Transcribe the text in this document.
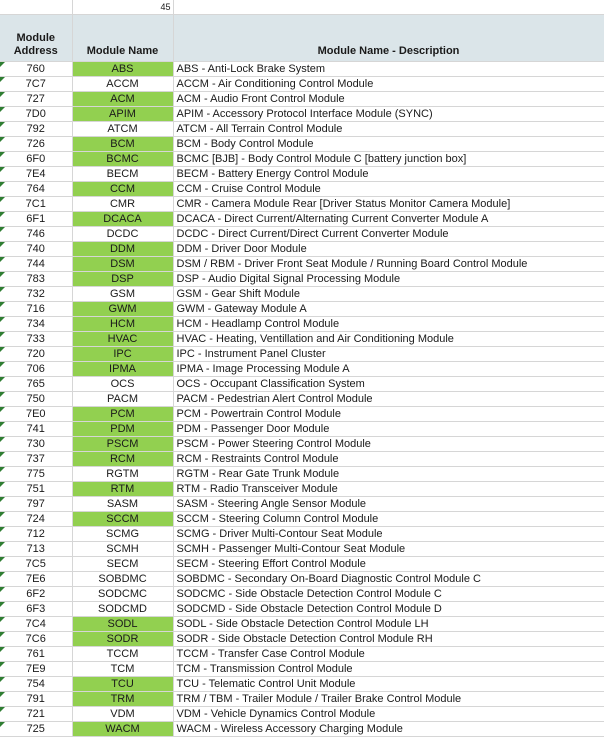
	45	

Module
Address	Module Name	Module Name - Description

760	ABS	ABS - Anti-Lock Brake System

7C7	ACCM	ACCM - Air Conditioning Control Module

727	ACM	ACM - Audio Front Control Module

7D0	APIM	APIM - Accessory Protocol Interface Module (SYNC)

792	ATCM	ATCM - All Terrain Control Module

726	BCM	BCM - Body Control Module

6F0	BCMC	BCMC [BJB] - Body Control Module C [battery junction box]

7E4	BECM	BECM - Battery Energy Control Module

764	CCM	CCM - Cruise Control Module

7C1	CMR	CMR - Camera Module Rear [Driver Status Monitor Camera Module]

6F1	DCACA	DCACA - Direct Current/Alternating Current Converter Module A

746	DCDC	DCDC - Direct Current/Direct Current Converter Module

740	DDM	DDM - Driver Door Module

744	DSM	DSM / RBM - Driver Front Seat Module / Running Board Control Module

783	DSP	DSP - Audio Digital Signal Processing Module

732	GSM	GSM - Gear Shift Module

716	GWM	GWM - Gateway Module A

734	HCM	HCM - Headlamp Control Module

733	HVAC	HVAC - Heating, Ventillation and Air Conditioning Module

720	IPC	IPC - Instrument Panel Cluster

706	IPMA	IPMA - Image Processing Module A

765	OCS	OCS - Occupant Classification System

750	PACM	PACM - Pedestrian Alert Control Module

7E0	PCM	PCM - Powertrain Control Module

741	PDM	PDM - Passenger Door Module

730	PSCM	PSCM - Power Steering Control Module

737	RCM	RCM - Restraints Control Module

775	RGTM	RGTM - Rear Gate Trunk Module

751	RTM	RTM - Radio Transceiver Module

797	SASM	SASM - Steering Angle Sensor Module

724	SCCM	SCCM - Steering Column Control Module

712	SCMG	SCMG - Driver Multi-Contour Seat Module

713	SCMH	SCMH - Passenger Multi-Contour Seat Module

7C5	SECM	SECM - Steering Effort Control Module

7E6	SOBDMC	SOBDMC - Secondary On-Board Diagnostic Control Module C

6F2	SODCMC	SODCMC - Side Obstacle Detection Control Module C

6F3	SODCMD	SODCMD - Side Obstacle Detection Control Module D

7C4	SODL	SODL - Side Obstacle Detection Control Module LH

7C6	SODR	SODR - Side Obstacle Detection Control Module RH

761	TCCM	TCCM - Transfer Case Control Module

7E9	TCM	TCM - Transmission Control Module

754	TCU	TCU - Telematic Control Unit Module

791	TRM	TRM / TBM - Trailer Module / Trailer Brake Control Module

721	VDM	VDM - Vehicle Dynamics Control Module

725	WACM	WACM - Wireless Accessory Charging Module
